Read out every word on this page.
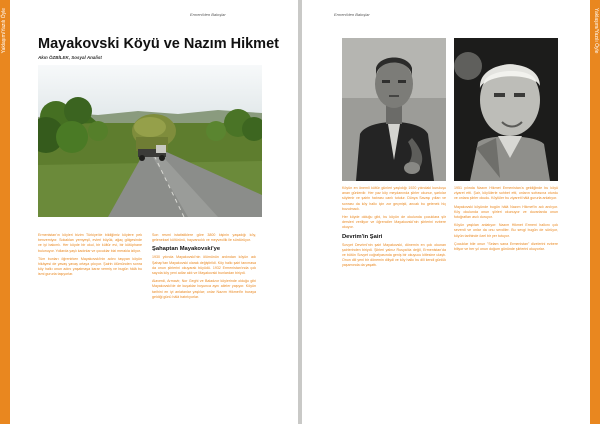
Yaklaşım/Yazılı Öyle	Ermeni'den Bakışlar
Mayakovski Köyü ve Nazım Hikmet
Akın ÖZBİLEK, Sosyal Analist

Ermenistan'ın köyleri bizim Türkiye'de bildiğimiz köylere pek benzemiyor. Sokakları yemyeşil, evleri büyük, ağaç gölgesinde ve iyi bakımlı. Her köyde bir okul, bir kültür evi, bir kütüphane bulunuyor. Yollarda yaşlı kadınlar ve çocuklar bizi merakla izliyor.

Tüm bunları öğrenirken Mayakovski'nin adını taşıyan köyün hikâyesi de yavaş yavaş ortaya çıkıyor. Şairin ölümünden sonra köy halkı onun adını yaşatmaya karar vermiş ve bugün hâlâ bu ismi gururla taşıyorlar.

Son resmi istatistiklere göre 3800 kişinin yaşadığı köy, geleneksel kültürünü, hayvancılık ve meyvecilik ile sürdürüyor.

Şahaptan Mayakovski'ye

1930 yılında Mayakovski'nin ölümünün ardından köyün adı Şahap'tan Mayakovski olarak değiştirildi. Köy halkı şairi tanımasa da onun şiirlerini okuyarak büyüdü. 1932 Ermenistan'ında çok sayıda köy yeni adlar aldı ve Mayakovski bunlardan biriydi.

Alaverdi, Armavir, Nor Geghi ve Baladzor köylerinde olduğu gibi Mayakovski'de de kuşaklar boyunca aynı aileler yaşıyor. Köyün tarihini en iyi anlatanlar yaşlılar; onlar Nazım Hikmet'in buraya geldiği günü hâlâ hatırlıyorlar.

Yaklaşım/Yazılı Öyle
Ermeni'den Bakışlar

Köyün en önemli kültür günleri yaşlıdığı 1920 yılındaki kuruluşu anan günlerdir. Her yaz köy meydanında şiirler okunur, şarkılar söylenir ve şairin hatırası canlı tutulur. Dünya Savaşı yılları ve sonrası da köy halkı için zor geçmişti, ancak bu gelenek hiç bozulmadı.

Her köyde olduğu gibi, bu köyün de okulunda çocuklara şiir dersleri veriliyor ve öğrenciler Mayakovski'nin şiirlerini ezbere okuyor.

Devrim'in Şairi

Sovyet Devrimi'nin şairi Mayakovski, dönemin en çok okunan şairlerinden biriydi. Şiirleri yalnız Rusya'da değil, Ermenistan'da ve bütün Sovyet coğrafyasında geniş bir okuyucu kitlesine ulaştı. Onun dili yeni bir dönemin diliydi ve köy halkı bu dili kendi günlük yaşamında da yaşattı.

1951 yılında Nazım Hikmet Ermenistan'a geldiğinde bu köyü ziyaret etti. Şair, köylülerle sohbet etti, onların sofrasına oturdu ve onlara şiirler okudu. Köylüler bu ziyareti hâlâ gururla anlatıyor.

Mayakovski köyünde bugün hâlâ Nazım Hikmet'in adı anılıyor. Köy okulunda onun şiirleri okunuyor ve duvarlarda onun fotoğrafları asılı duruyor.

Köyün yaşlıları anlatıyor: Nazım Hikmet Ermeni halkını çok severdi ve onlar da onu sevdiler. Bu sevgi bugün de sürüyor, köyün tarihinde özel bir yer tutuyor.

Çocuklar bile onun "Selam sana Ermenistan" dizelerini ezbere biliyor ve her yıl onun doğum gününde şiirlerini okuyorlar.
